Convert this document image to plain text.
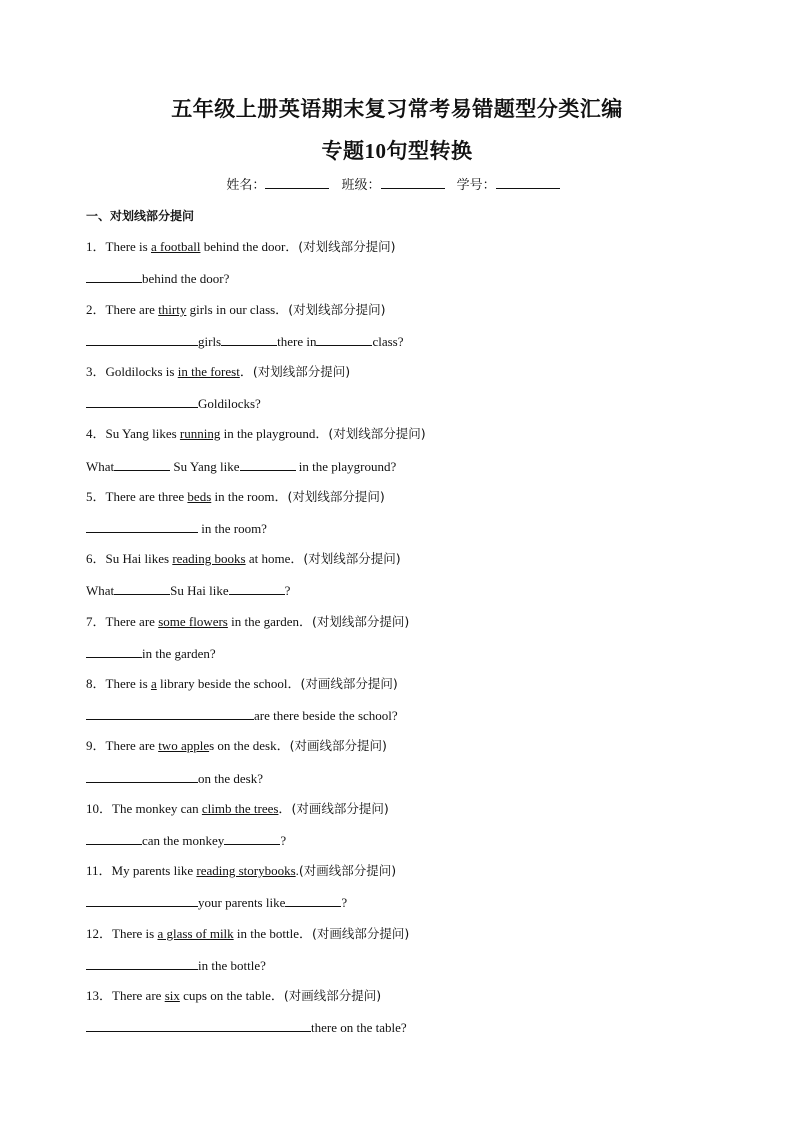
五年级上册英语期末复习常考易错题型分类汇编
专题10句型转换
姓名：	班级：	学号：
一、对划线部分提问
1．There is a football behind the door．(对划线部分提问)
behind the door?
2．There are thirty girls in our class．(对划线部分提问)
girls	there in	class?
3．Goldilocks is in the forest．(对划线部分提问)
Goldilocks?
4．Su Yang likes running in the playground．(对划线部分提问)
What	Su Yang like	in the playground?
5．There are three beds in the room．(对划线部分提问)
in the room?
6．Su Hai likes reading books at home．(对划线部分提问)
What	Su Hai like	?
7．There are some flowers in the garden．(对划线部分提问)
in the garden?
8．There is a library beside the school．(对画线部分提问)
are there beside the school?
9．There are two apples on the desk．(对画线部分提问)
on the desk?
10．The monkey can climb the trees．(对画线部分提问)
can the monkey	?
11．My parents like reading storybooks.(对画线部分提问)
your parents like	?
12．There is a glass of milk in the bottle．(对画线部分提问)
in the bottle?
13．There are six cups on the table．(对画线部分提问)
there on the table?
